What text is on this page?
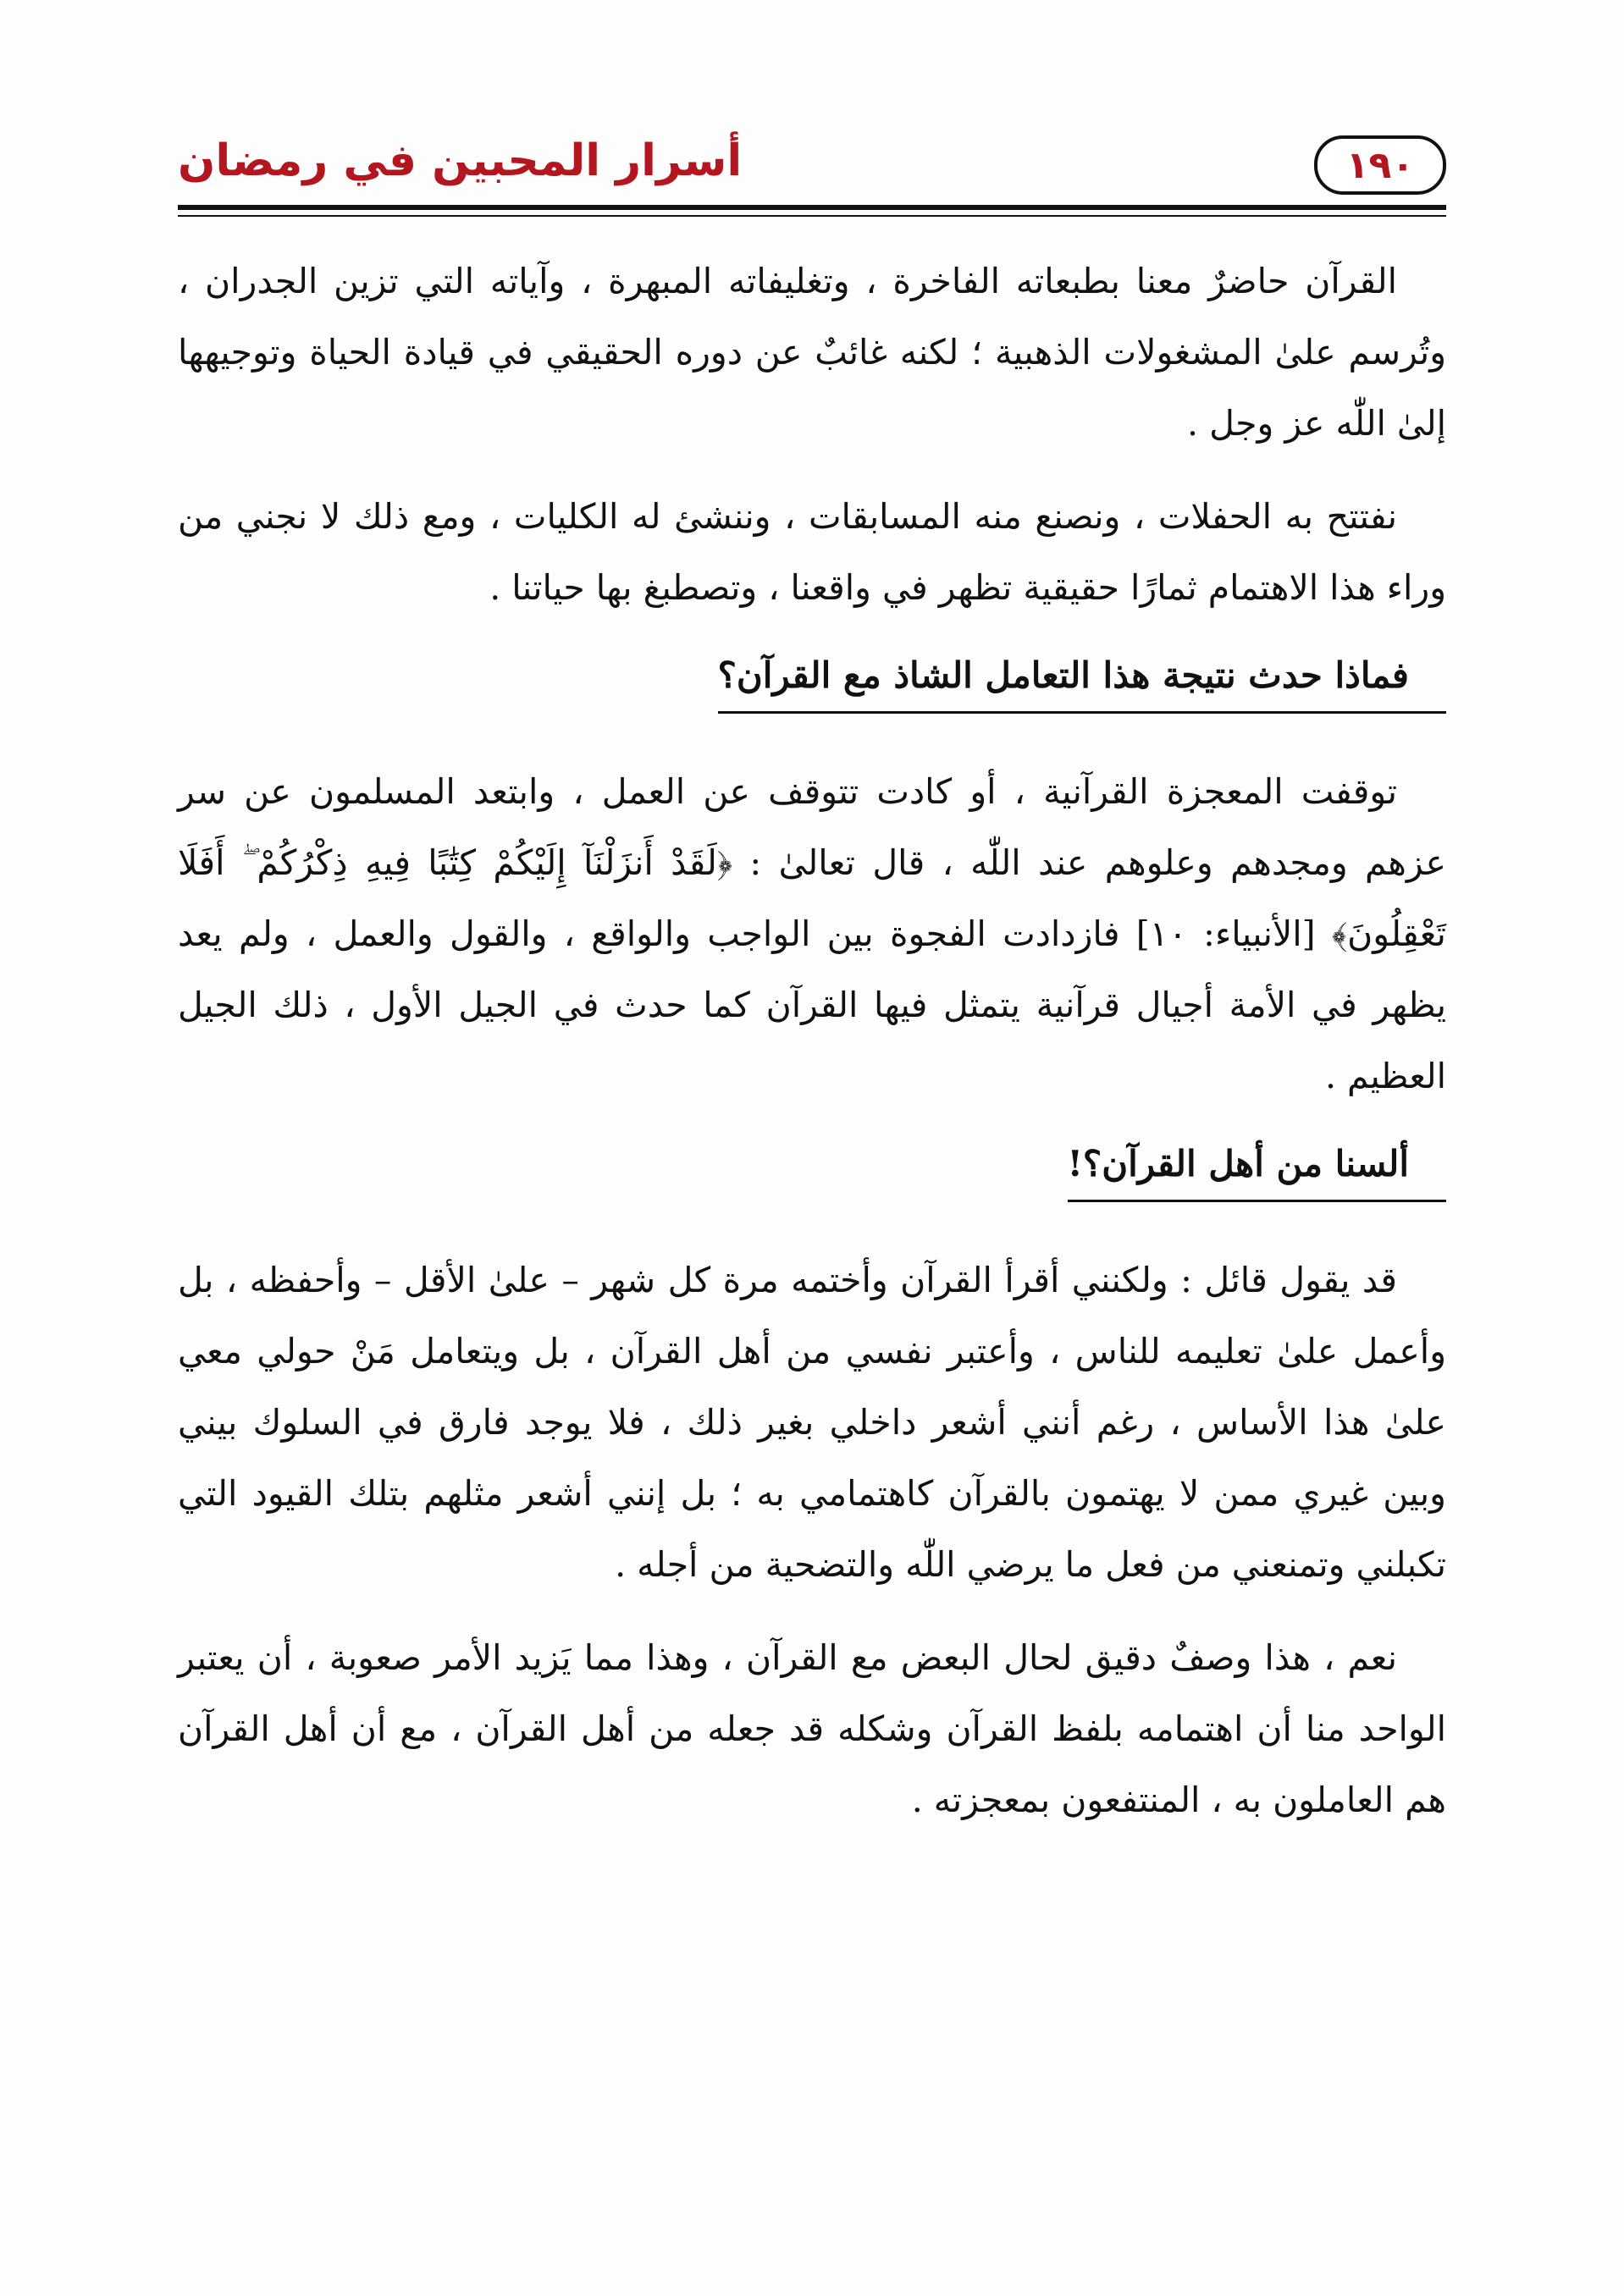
أسرار المحبين في رمضان	١٩٠

القرآن حاضرٌ معنا بطبعاته الفاخرة ، وتغليفاته المبهرة ، وآياته التي تزين الجدران ، وتُرسم علىٰ المشغولات الذهبية ؛ لكنه غائبٌ عن دوره الحقيقي في قيادة الحياة وتوجيهها إلىٰ اللّٰه عز وجل .

نفتتح به الحفلات ، ونصنع منه المسابقات ، وننشئ له الكليات ، ومع ذلك لا نجني من وراء هذا الاهتمام ثمارًا حقيقية تظهر في واقعنا ، وتصطبغ بها حياتنا .

فماذا حدث نتيجة هذا التعامل الشاذ مع القرآن؟

توقفت المعجزة القرآنية ، أو كادت تتوقف عن العمل ، وابتعد المسلمون عن سر عزهم ومجدهم وعلوهم عند اللّٰه ، قال تعالىٰ : ﴿لَقَدْ أَنزَلْنَآ إِلَيْكُمْ كِتَٰبًا فِيهِ ذِكْرُكُمْ ۖ أَفَلَا تَعْقِلُونَ﴾ [الأنبياء: ١٠] فازدادت الفجوة بين الواجب والواقع ، والقول والعمل ، ولم يعد يظهر في الأمة أجيال قرآنية يتمثل فيها القرآن كما حدث في الجيل الأول ، ذلك الجيل العظيم .

ألسنا من أهل القرآن؟!

قد يقول قائل : ولكنني أقرأ القرآن وأختمه مرة كل شهر – علىٰ الأقل – وأحفظه ، بل وأعمل علىٰ تعليمه للناس ، وأعتبر نفسي من أهل القرآن ، بل ويتعامل مَنْ حولي معي علىٰ هذا الأساس ، رغم أنني أشعر داخلي بغير ذلك ، فلا يوجد فارق في السلوك بيني وبين غيري ممن لا يهتمون بالقرآن كاهتمامي به ؛ بل إنني أشعر مثلهم بتلك القيود التي تكبلني وتمنعني من فعل ما يرضي اللّٰه والتضحية من أجله .

نعم ، هذا وصفٌ دقيق لحال البعض مع القرآن ، وهذا مما يَزيد الأمر صعوبة ، أن يعتبر الواحد منا أن اهتمامه بلفظ القرآن وشكله قد جعله من أهل القرآن ، مع أن أهل القرآن هم العاملون به ، المنتفعون بمعجزته .
